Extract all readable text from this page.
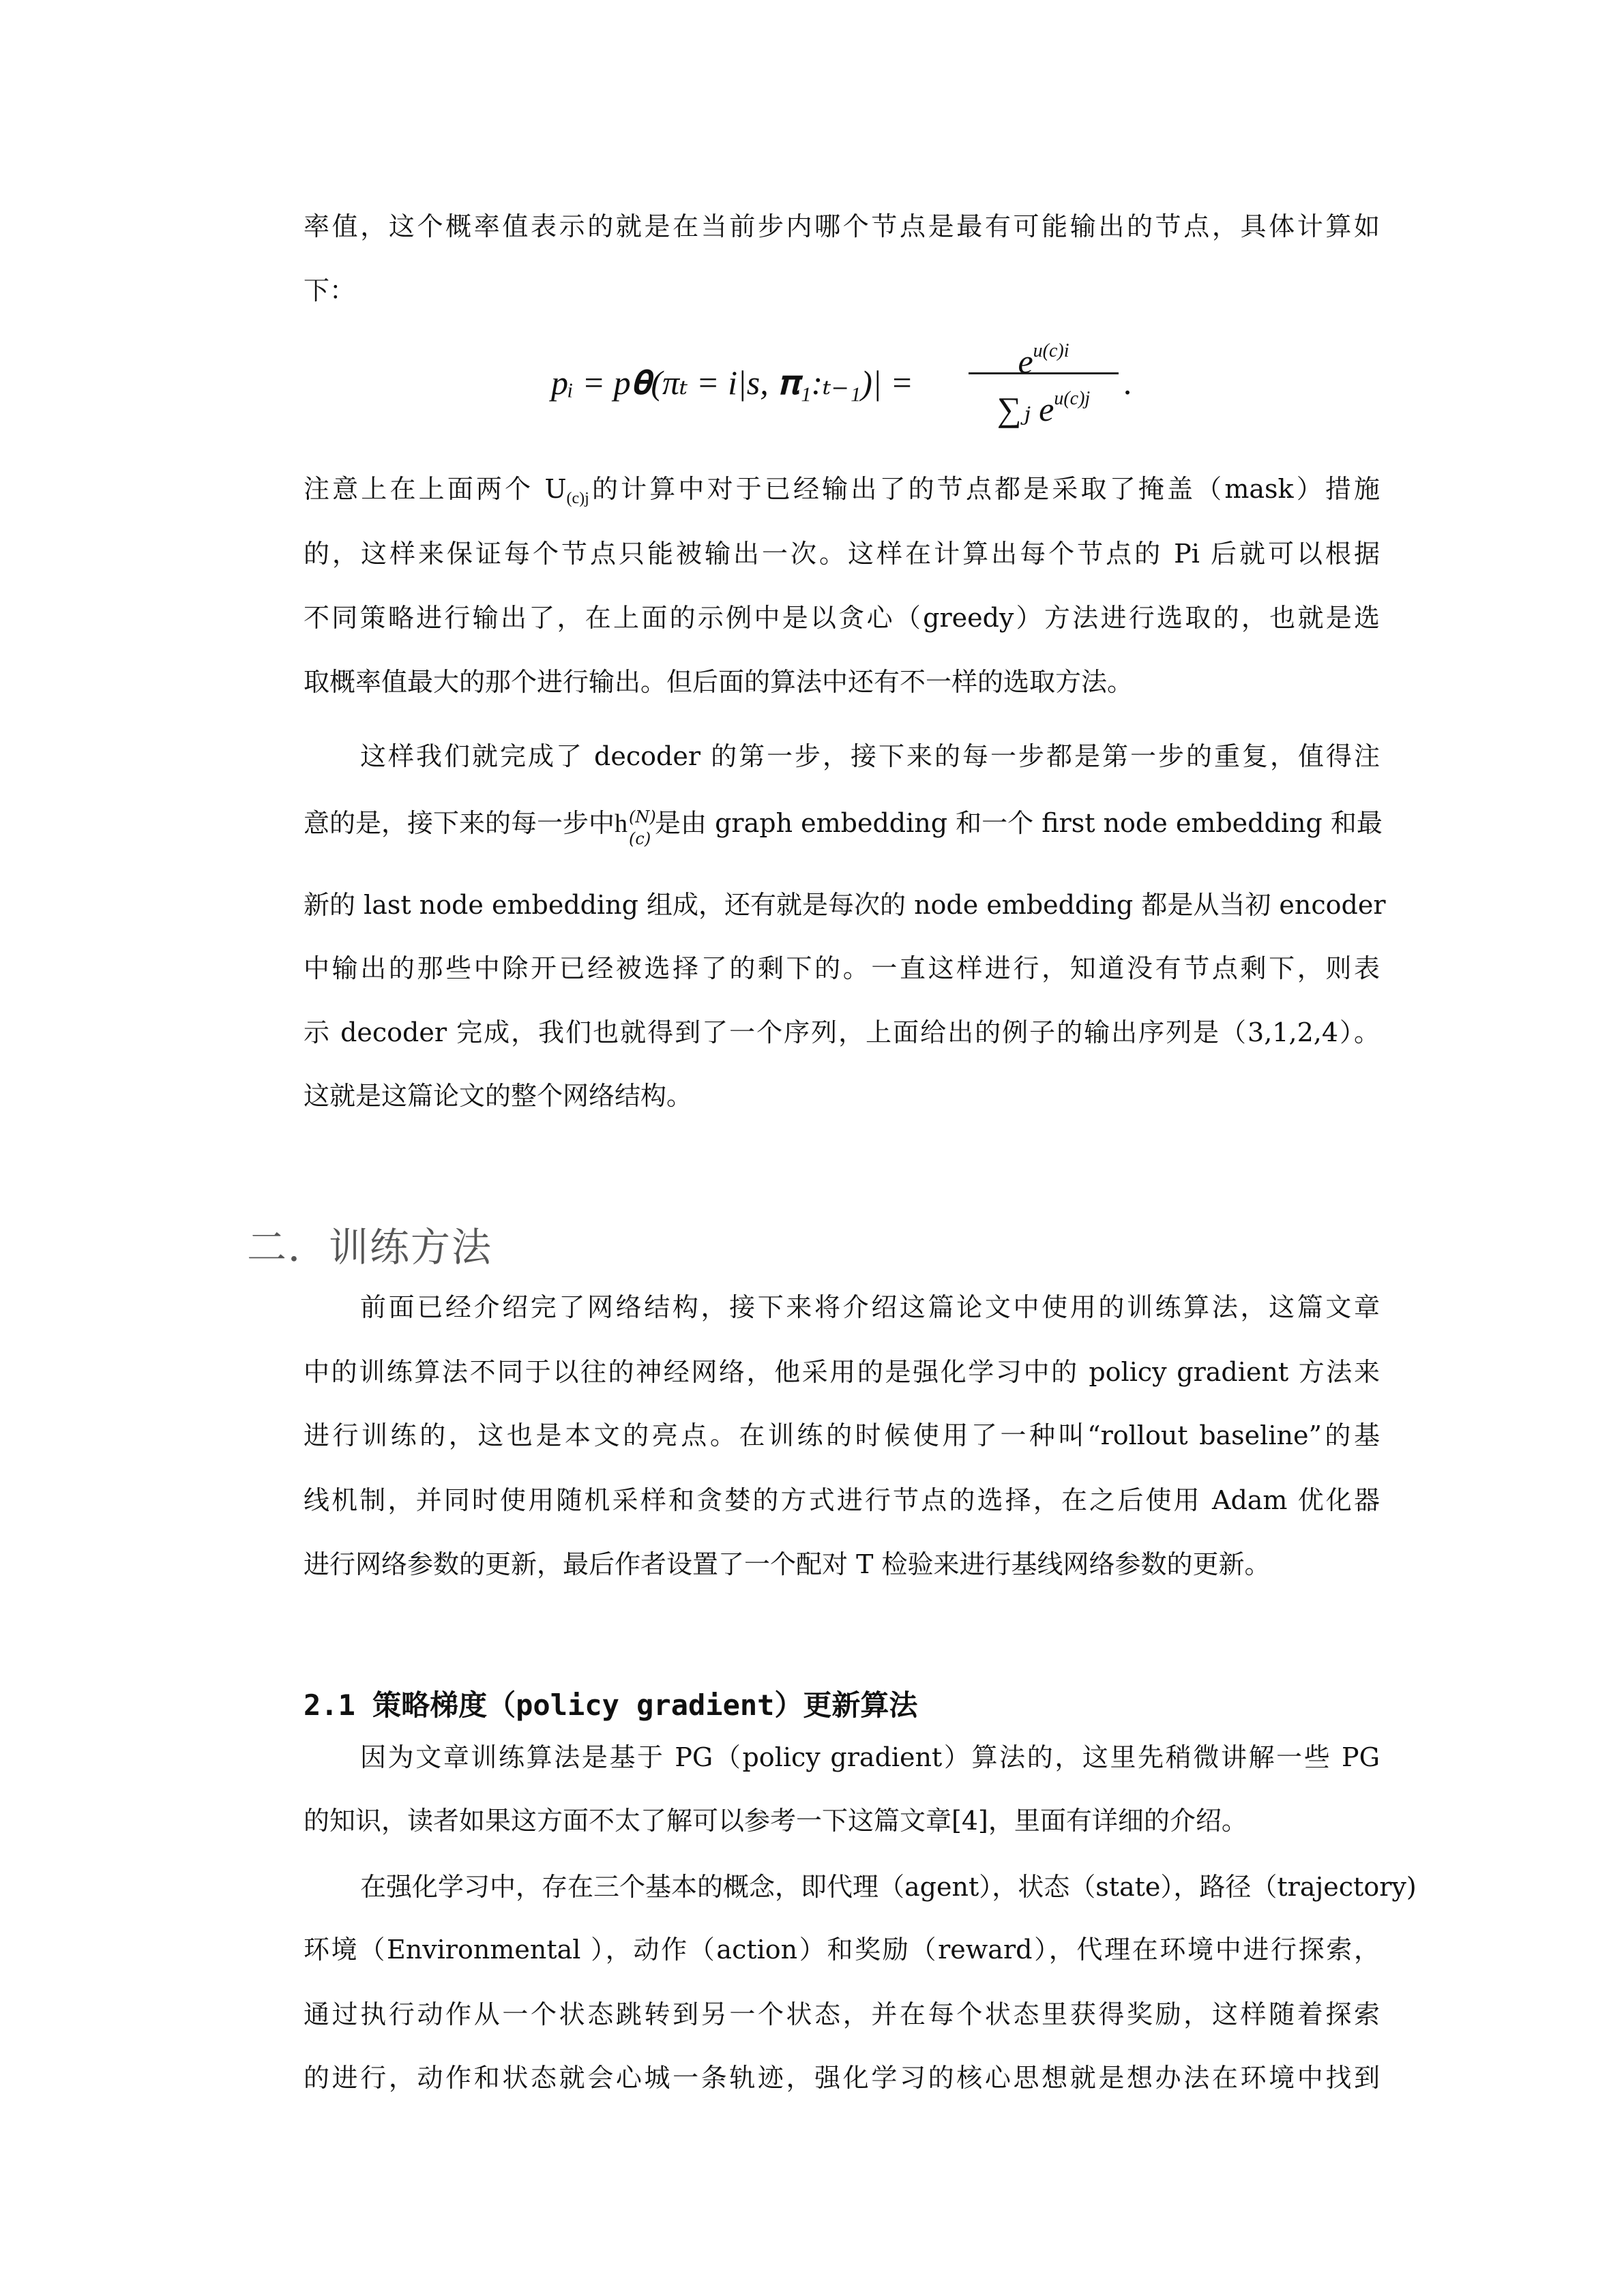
率值，这个概率值表示的就是在当前步内哪个节点是最有可能输出的节点，具体计算如
下：
pᵢ = p𝛉(πₜ = i|s, 𝛑₁:ₜ₋₁)| =
$e^{u(c)i}$
∑ⱼ $e^{u(c)j}$ .
注意上在上面两个 $U_{(c)j}$的计算中对于已经输出了的节点都是采取了掩盖（mask）措施
的，这样来保证每个节点只能被输出一次。这样在计算出每个节点的 Pi 后就可以根据
不同策略进行输出了，在上面的示例中是以贪心（greedy）方法进行选取的，也就是选
取概率值最大的那个进行输出。但后面的算法中还有不一样的选取方法。
这样我们就完成了 decoder 的第一步，接下来的每一步都是第一步的重复，值得注
意的是，接下来的每一步中h (N)
(c)
是由 graph embedding 和一个 first node embedding 和最
新的 last node embedding 组成，还有就是每次的 node embedding 都是从当初 encoder
中输出的那些中除开已经被选择了的剩下的。一直这样进行，知道没有节点剩下，则表
示 decoder 完成，我们也就得到了一个序列，上面给出的例子的输出序列是（3,1,2,4）。
这就是这篇论文的整个网络结构。
二．训练方法
前面已经介绍完了网络结构，接下来将介绍这篇论文中使用的训练算法，这篇文章
中的训练算法不同于以往的神经网络，他采用的是强化学习中的 policy gradient 方法来
进行训练的，这也是本文的亮点。在训练的时候使用了一种叫“rollout baseline”的基
线机制，并同时使用随机采样和贪婪的方式进行节点的选择，在之后使用 Adam 优化器
进行网络参数的更新，最后作者设置了一个配对 T 检验来进行基线网络参数的更新。
2.1 策略梯度（policy gradient）更新算法
因为文章训练算法是基于 PG（policy gradient）算法的，这里先稍微讲解一些 PG
的知识，读者如果这方面不太了解可以参考一下这篇文章[4]，里面有详细的介绍。
在强化学习中，存在三个基本的概念，即代理（agent），状态（state），路径（trajectory)
环境（Environmental ），动作（action）和奖励（reward），代理在环境中进行探索，
通过执行动作从一个状态跳转到另一个状态，并在每个状态里获得奖励，这样随着探索
的进行，动作和状态就会心城一条轨迹，强化学习的核心思想就是想办法在环境中找到
